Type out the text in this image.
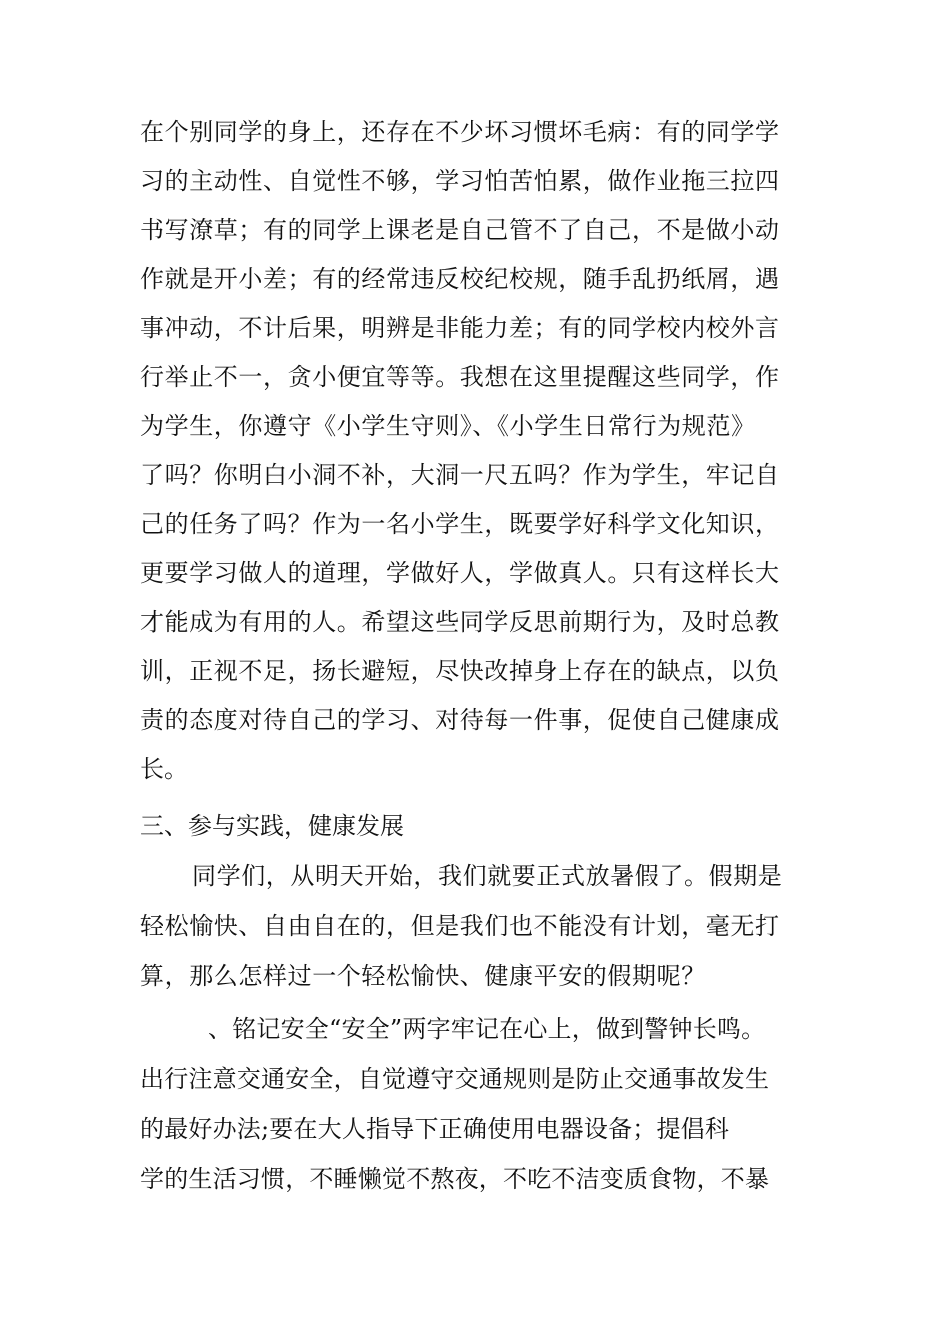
在个别同学的身上，还存在不少坏习惯坏毛病：有的同学学
习的主动性、自觉性不够，学习怕苦怕累，做作业拖三拉四
书写潦草；有的同学上课老是自己管不了自己，不是做小动
作就是开小差；有的经常违反校纪校规，随手乱扔纸屑，遇
事冲动，不计后果，明辨是非能力差；有的同学校内校外言
行举止不一，贪小便宜等等。我想在这里提醒这些同学，作
为学生，你遵守《小学生守则》、《小学生日常行为规范》
了吗？你明白小洞不补，大洞一尺五吗？作为学生，牢记自
己的任务了吗？作为一名小学生，既要学好科学文化知识，
更要学习做人的道理，学做好人，学做真人。只有这样长大
才能成为有用的人。希望这些同学反思前期行为，及时总教
训，正视不足，扬长避短，尽快改掉身上存在的缺点，以负
责的态度对待自己的学习、对待每一件事，促使自己健康成
长。
三、参与实践，健康发展
同学们，从明天开始，我们就要正式放暑假了。假期是
轻松愉快、自由自在的，但是我们也不能没有计划，毫无打
算，那么怎样过一个轻松愉快、健康平安的假期呢？
、铭记安全“安全”两字牢记在心上，做到警钟长鸣。
出行注意交通安全，自觉遵守交通规则是防止交通事故发生
的最好办法;要在大人指导下正确使用电器设备；提倡科
学的生活习惯，不睡懒觉不熬夜，不吃不洁变质食物，不暴
